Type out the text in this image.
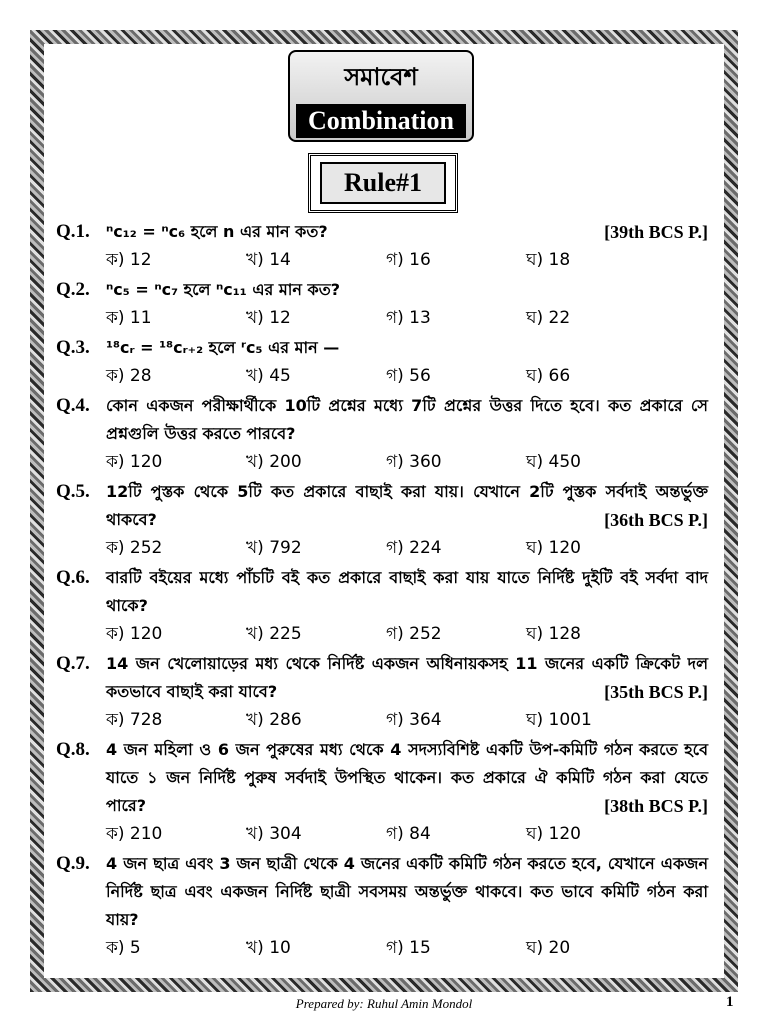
সমাবেশ
Combination
Rule#1
Q.1.	ⁿc₁₂ = ⁿc₆ হলে n এর মান কত?	[39th BCS P.]
ক) 12	খ) 14	গ) 16	ঘ) 18
Q.2.	ⁿc₅ = ⁿc₇ হলে ⁿc₁₁ এর মান কত?
ক) 11	খ) 12	গ) 13	ঘ) 22
Q.3.	¹⁸cᵣ = ¹⁸cᵣ₊₂ হলে ʳc₅ এর মান —
ক) 28	খ) 45	গ) 56	ঘ) 66
Q.4.	কোন একজন পরীক্ষার্থীকে 10টি প্রশ্নের মধ্যে 7টি প্রশ্নের উত্তর দিতে হবে। কত প্রকারে সে প্রশ্নগুলি উত্তর করতে পারবে?
ক) 120	খ) 200	গ) 360	ঘ) 450
Q.5.	12টি পুস্তক থেকে 5টি কত প্রকারে বাছাই করা যায়। যেখানে 2টি পুস্তক সর্বদাই অন্তর্ভুক্ত থাকবে?	[36th BCS P.]
ক) 252	খ) 792	গ) 224	ঘ) 120
Q.6.	বারটি বইয়ের মধ্যে পাঁচটি বই কত প্রকারে বাছাই করা যায় যাতে নির্দিষ্ট দুইটি বই সর্বদা বাদ থাকে?
ক) 120	খ) 225	গ) 252	ঘ) 128
Q.7.	14 জন খেলোয়াড়ের মধ্য থেকে নির্দিষ্ট একজন অধিনায়কসহ 11 জনের একটি ক্রিকেট দল কতভাবে বাছাই করা যাবে?	[35th BCS P.]
ক) 728	খ) 286	গ) 364	ঘ) 1001
Q.8.	4 জন মহিলা ও 6 জন পুরুষের মধ্য থেকে 4 সদস্যবিশিষ্ট একটি উপ-কমিটি গঠন করতে হবে যাতে ১ জন নির্দিষ্ট পুরুষ সর্বদাই উপস্থিত থাকেন। কত প্রকারে ঐ কমিটি গঠন করা যেতে পারে?	[38th BCS P.]
ক) 210	খ) 304	গ) 84	ঘ) 120
Q.9.	4 জন ছাত্র এবং 3 জন ছাত্রী থেকে 4 জনের একটি কমিটি গঠন করতে হবে, যেখানে একজন নির্দিষ্ট ছাত্র এবং একজন নির্দিষ্ট ছাত্রী সবসময় অন্তর্ভুক্ত থাকবে। কত ভাবে কমিটি গঠন করা যায়?
ক) 5	খ) 10	গ) 15	ঘ) 20
Prepared by: Ruhul Amin Mondol	1
